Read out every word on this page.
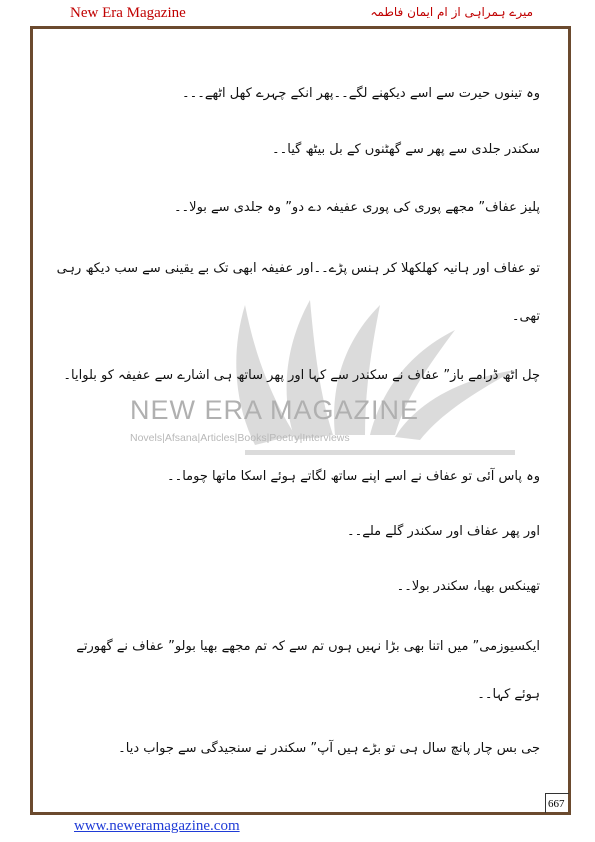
New Era Magazine	میرے ہمراہی از ام ایمان فاطمہ
NEW ERA MAGAZINE
Novels|Afsana|Articles|Books|Poetry|Interviews
وہ تینوں حیرت سے اسے دیکھنے لگے۔۔پھر انکے چہرے کھل اٹھے۔۔۔
سکندر جلدی سے پھر سے گھٹنوں کے بل بیٹھ گیا۔۔
پلیز عفاف” مجھے پوری کی پوری عفیفہ دے دو” وہ جلدی سے بولا۔۔
تو عفاف اور ہانیہ کھلکھلا کر ہنس پڑے۔۔اور عفیفہ ابھی تک بے یقینی سے سب دیکھ رہی تھی۔
چل اٹھ ڈرامے باز” عفاف نے سکندر سے کہا اور پھر ساتھ ہی اشارے سے عفیفہ کو بلوایا۔
وہ پاس آئی تو عفاف نے اسے اپنے ساتھ لگاتے ہوئے اسکا ماتھا چوما۔۔
اور پھر عفاف اور سکندر گلے ملے۔۔
تھینکس بھیا، سکندر بولا۔۔
ایکسیوزمی” میں اتنا بھی بڑا نہیں ہوں تم سے کہ تم مجھے بھیا بولو” عفاف نے گھورتے ہوئے کہا۔۔
جی بس چار پانچ سال ہی تو بڑے ہیں آپ” سکندر نے سنجیدگی سے جواب دیا۔
667
www.neweramagazine.com
